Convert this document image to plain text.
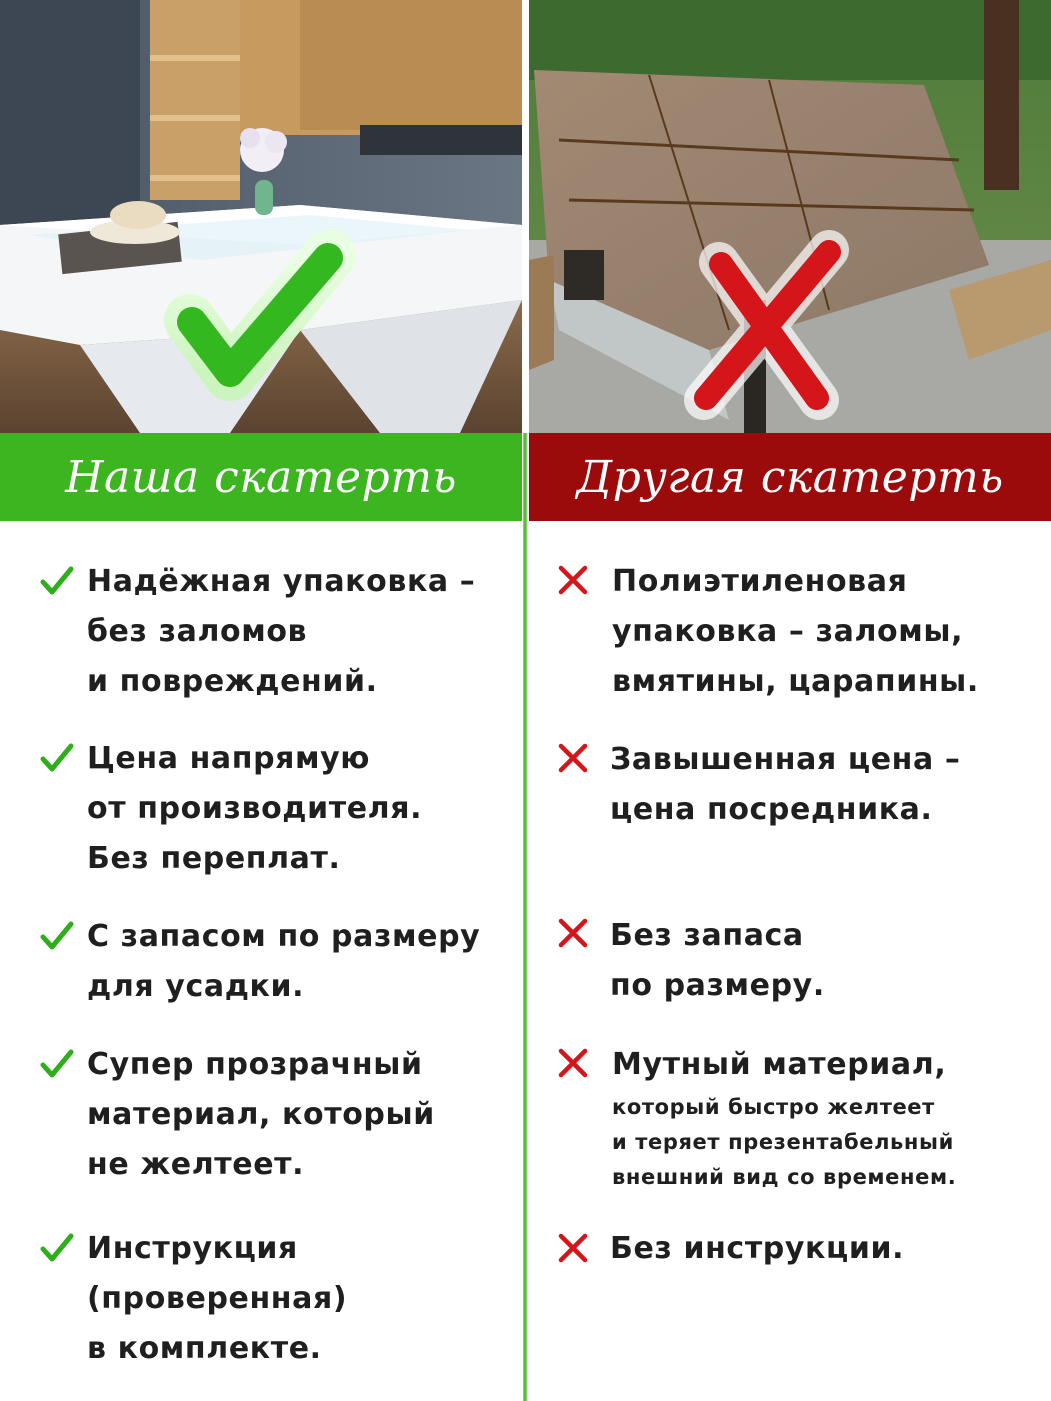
Наша скатерть	Другая скатерть
Надёжная упаковка –
без заломов
и повреждений.
Цена напрямую
от производителя.
Без переплат.
С запасом по размеру
для усадки.
Супер прозрачный
материал, который
не желтеет.
Инструкция
(проверенная)
в комплекте.
Полиэтиленовая
упаковка – заломы,
вмятины, царапины.
Завышенная цена –
цена посредника.
Без запаса
по размеру.
Мутный материал,
который быстро желтеет
и теряет презентабельный
внешний вид со временем.
Без инструкции.
